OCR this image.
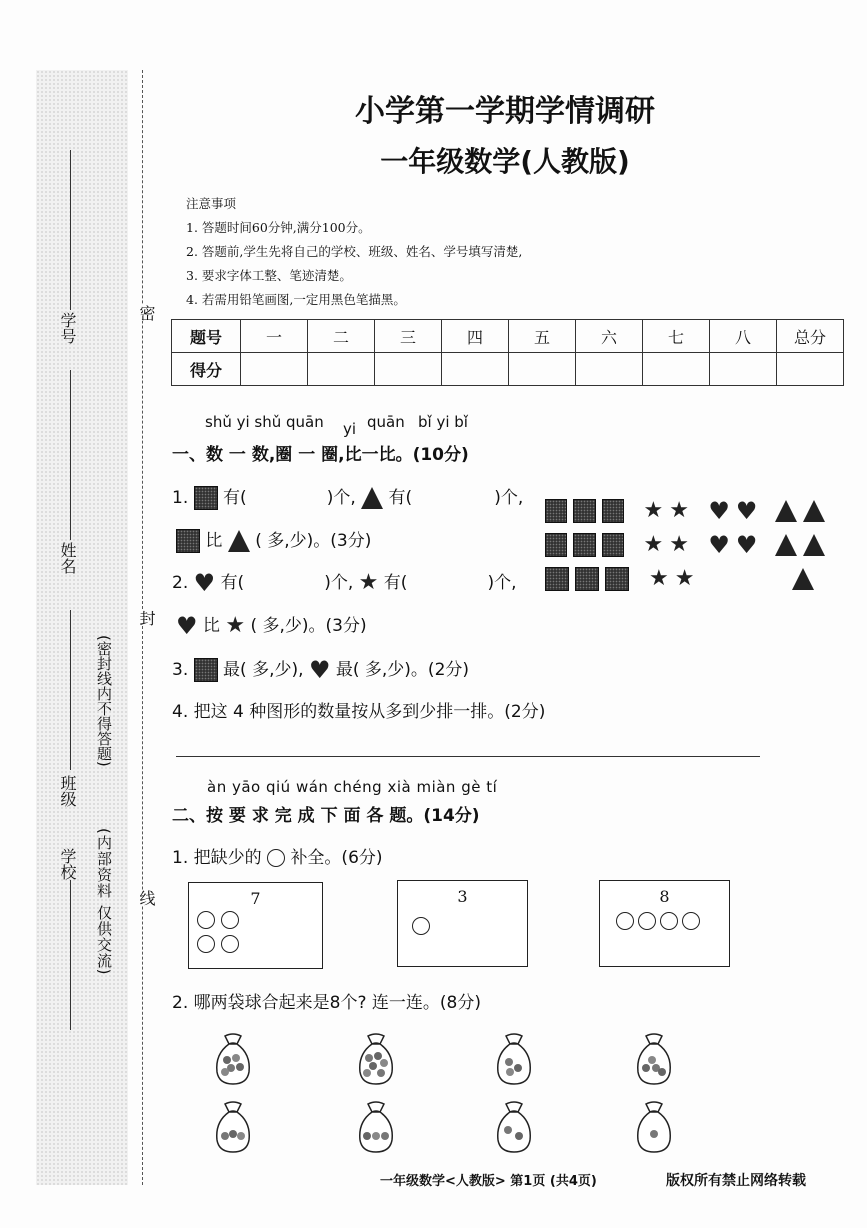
学号
姓名
班级
学校
(密封线内不得答题)
(内部资料 仅供交流)
密
封
线
小学第一学期学情调研
一年级数学(人教版)
注意事项
1. 答题时间60分钟,满分100分。
2. 答题前,学生先将自己的学校、班级、姓名、学号填写清楚,
3. 要求字体工整、笔迹清楚。
4. 若需用铅笔画图,一定用黑色笔描黑。
题号	一	二	三	四	五	六	七	八	总分
得分									
shǔ yi shǔ quān yi quān bǐ yi bǐ
一、数 一 数,圈 一 圈,比一比。(10分)
1. 有(	)个, 有(	)个,
比 ( 多,少)。(3分)
2. ♥ 有(	)个, ★ 有(	)个,
♥ 比 ★ ( 多,少)。(3分)
3. 最( 多,少), ♥ 最( 多,少)。(2分)
4. 把这 4 种图形的数量按从多到少排一排。(2分)
★ ★ ♥ ♥
★ ★ ♥ ♥
★ ★
àn yāo qiú wán chéng xià miàn gè tí
二、按 要 求 完 成 下 面 各 题。(14分)
1. 把缺少的 补全。(6分)
7	3	8
2. 哪两袋球合起来是8个? 连一连。(8分)
一年级数学<人教版> 第1页 (共4页)	版权所有禁止网络转载
